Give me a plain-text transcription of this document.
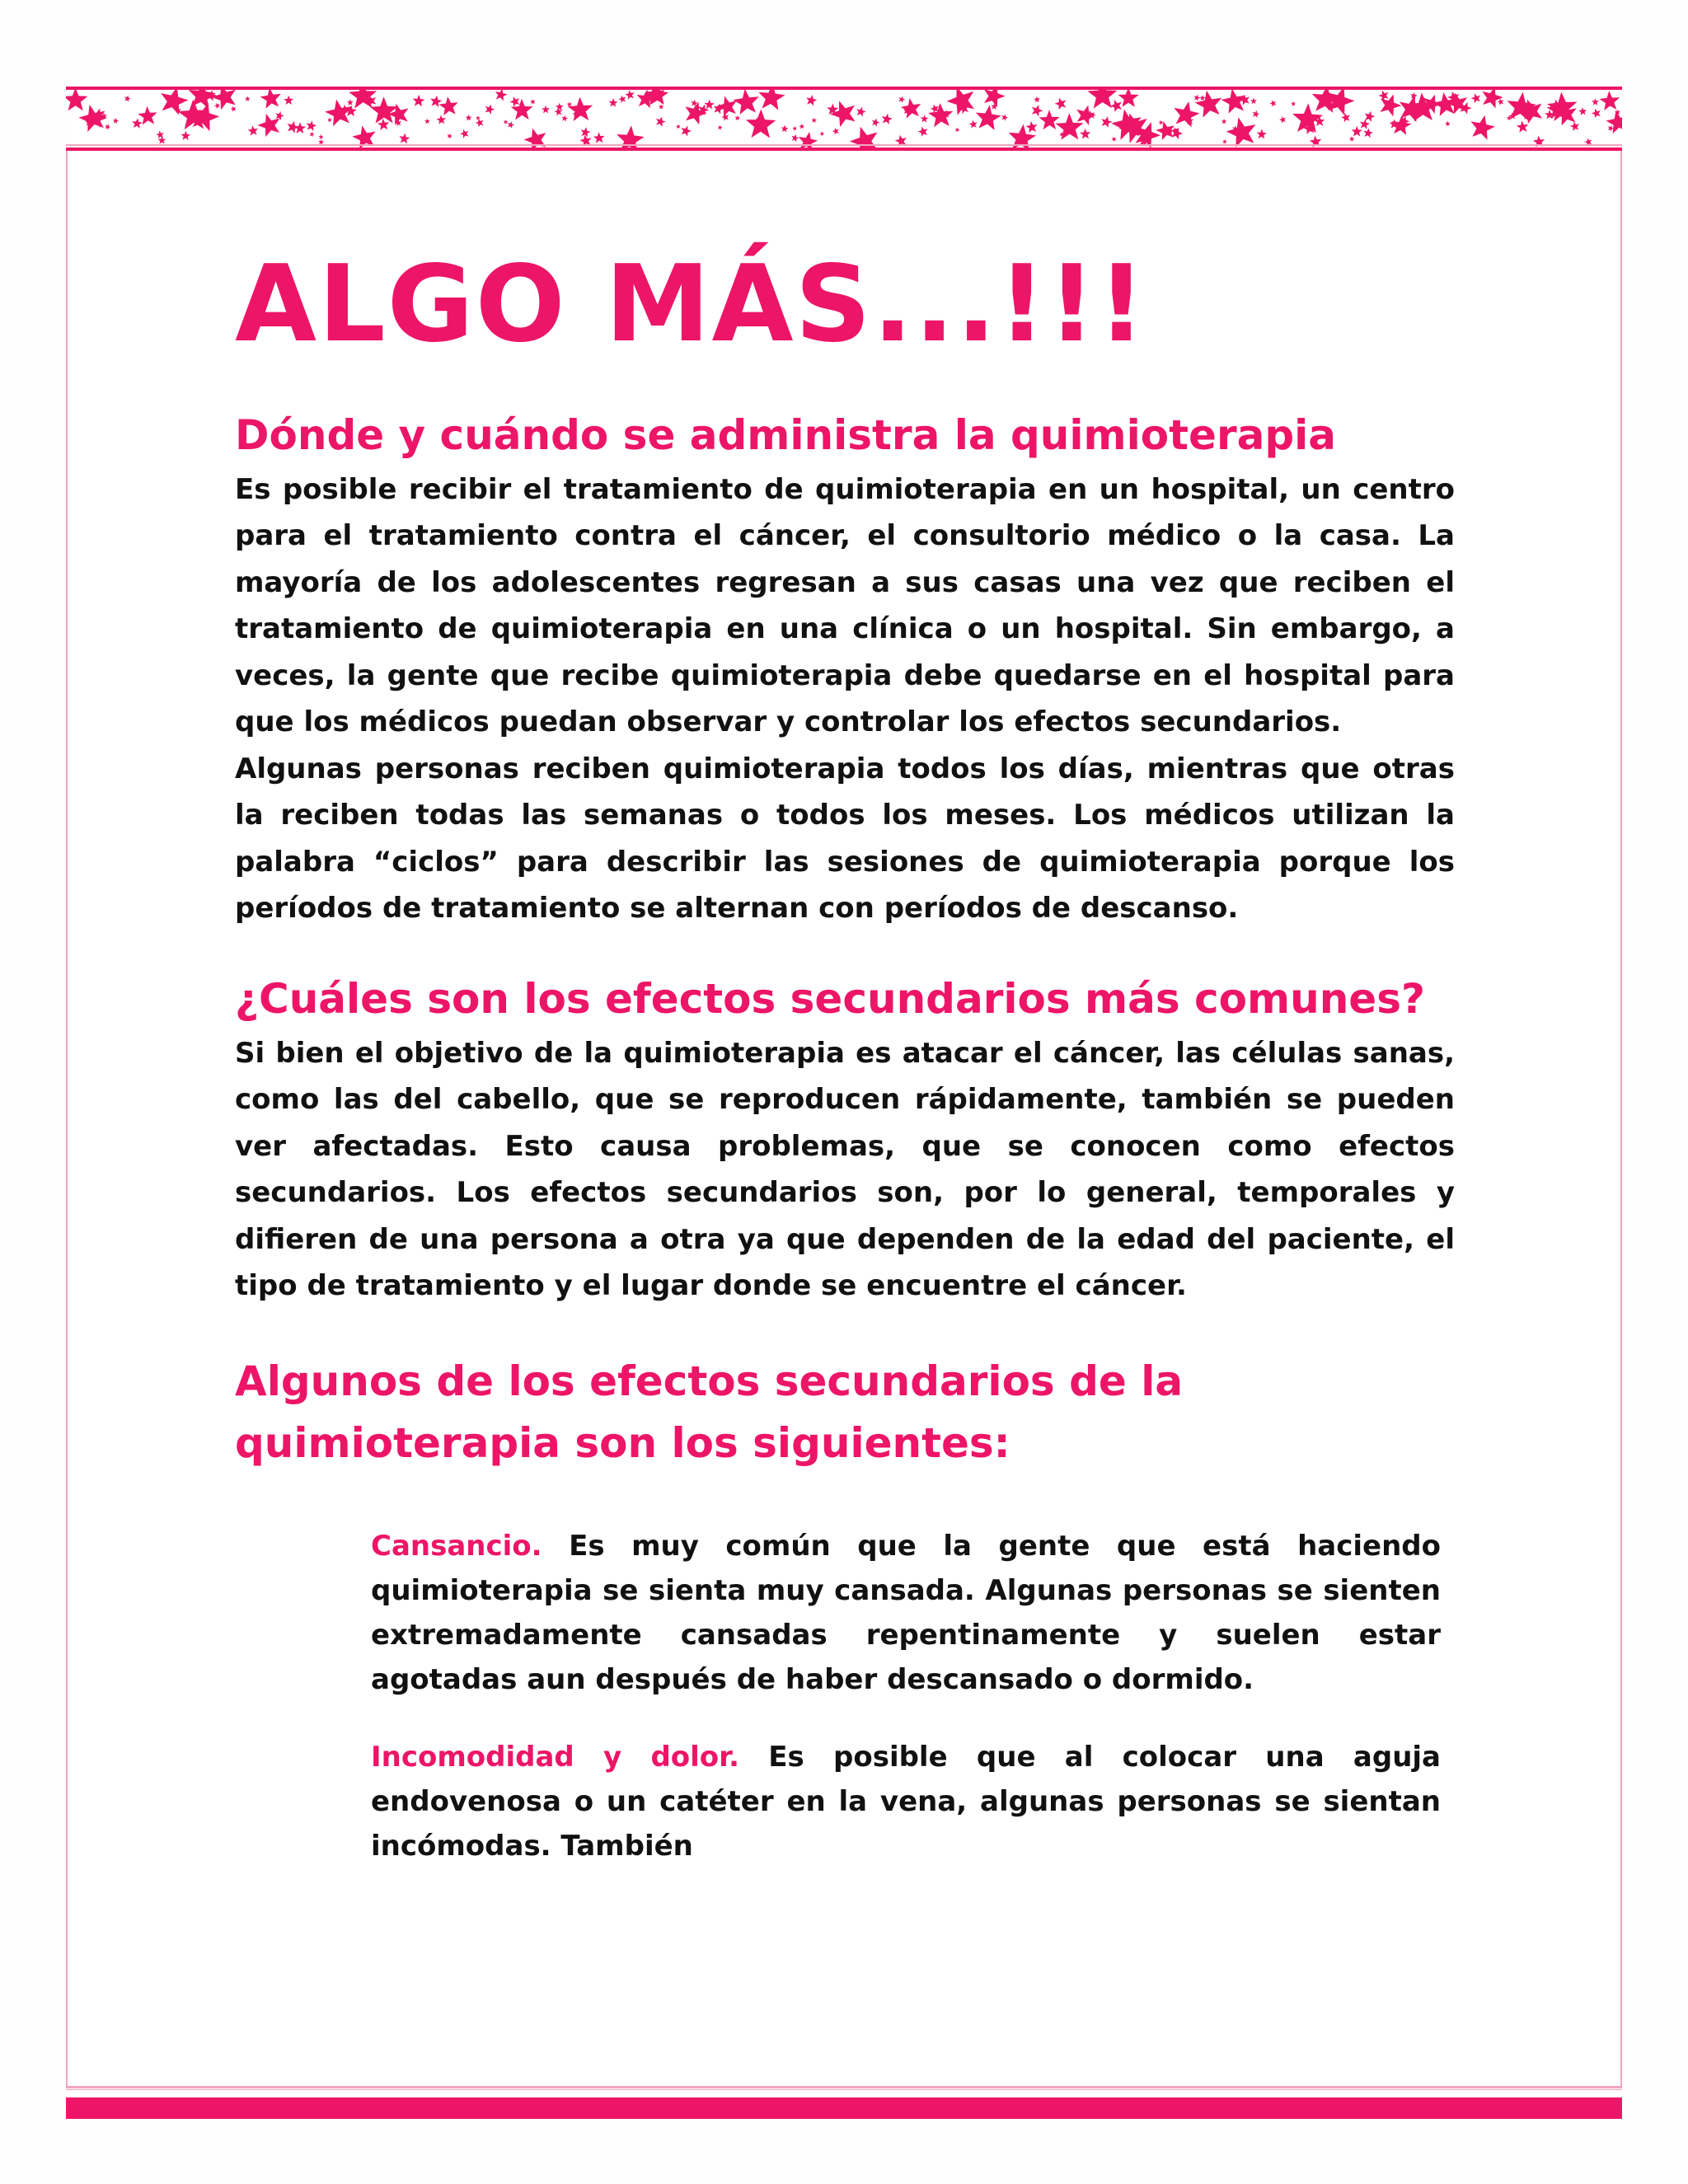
ALGO MÁS...!!!
Dónde y cuándo se administra la quimioterapia

Es posible recibir el tratamiento de quimioterapia en un hospital, un centro para el tratamiento contra el cáncer, el consultorio médico o la casa. La mayoría de los adolescentes regresan a sus casas una vez que reciben el tratamiento de quimioterapia en una clínica o un hospital. Sin embargo, a veces, la gente que recibe quimioterapia debe quedarse en el hospital para que los médicos puedan observar y controlar los efectos secundarios.

Algunas personas reciben quimioterapia todos los días, mientras que otras la reciben todas las semanas o todos los meses. Los médicos utilizan la palabra “ciclos” para describir las sesiones de quimioterapia porque los períodos de tratamiento se alternan con períodos de descanso.

¿Cuáles son los efectos secundarios más comunes?

Si bien el objetivo de la quimioterapia es atacar el cáncer, las células sanas, como las del cabello, que se reproducen rápidamente, también se pueden ver afectadas. Esto causa problemas, que se conocen como efectos secundarios. Los efectos secundarios son, por lo general, temporales y difieren de una persona a otra ya que dependen de la edad del paciente, el tipo de tratamiento y el lugar donde se encuentre el cáncer.

Algunos de los efectos secundarios de la quimioterapia son los siguientes:

Cansancio. Es muy común que la gente que está haciendo quimioterapia se sienta muy cansada. Algunas personas se sienten extremadamente cansadas repentinamente y suelen estar agotadas aun después de haber descansado o dormido.

Incomodidad y dolor. Es posible que al colocar una aguja endovenosa o un catéter en la vena, algunas personas se sientan incómodas. También
